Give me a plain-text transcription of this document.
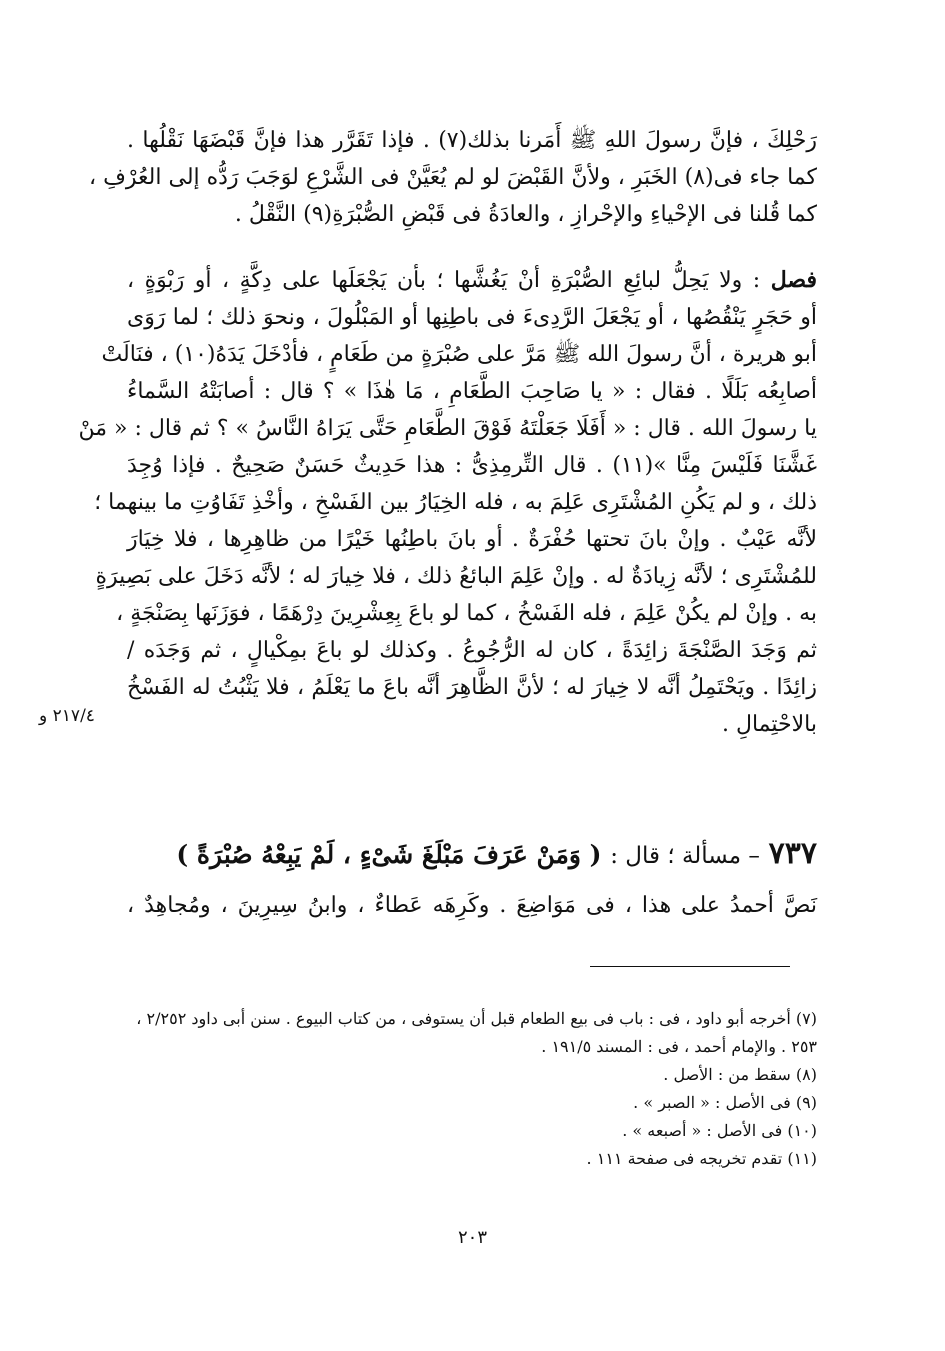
رَحْلِكَ ، فإنَّ رسولَ اللهِ ﷺ أَمَرنا بذلك(٧) . فإذا تَقَرَّر هذا فإنَّ قَبْضَهَا نَقْلُها .
كما جاء فى(٨) الخَبَرِ ، ولأنَّ القَبْضَ لو لم يُعَيَّنْ فى الشَّرْعِ لوَجَبَ رَدُّه إلى العُرْفِ ،
كما قُلنا فى الإحْياءِ والإحْرازِ ، والعادَةُ فى قَبْضِ الصُّبْرَةِ(٩) النَّقْلُ .
فصل : ولا يَحِلُّ لبائِعِ الصُّبْرَةِ أنْ يَغُشَّها ؛ بأن يَجْعَلَها على دِكَّةٍ ، أو رَبْوَةٍ ،
أو حَجَرٍ يَنْقُصُها ، أو يَجْعَلَ الرَّدِىءَ فى باطِنِها أو المَبْلُولَ ، ونحوَ ذلك ؛ لما رَوَى
أبو هريرة ، أنَّ رسولَ الله ﷺ مَرَّ على صُبْرَةٍ من طَعَامٍ ، فأدْخَلَ يَدَهُ(١٠) ، فنَالَتْ
أصابِعُه بَلَلًا . فقال : « يا صَاحِبَ الطَّعَامِ ، مَا هٰذَا » ؟ قال : أصابَتْهُ السَّماءُ
يا رسولَ الله . قال : « أَفَلَا جَعَلْتَهُ فَوْقَ الطَّعَامِ حَتَّى يَرَاهُ النَّاسُ » ؟ ثم قال : « مَنْ
غَشَّنَا فَلَيْسَ مِنَّا »(١١) . قال التِّرمِذِىُّ : هذا حَدِيثٌ حَسَنٌ صَحِيحٌ . فإذا وُجِدَ
ذلك ، و لم يَكُنِ المُشْتَرِى عَلِمَ به ، فله الخِيَارُ بين الفَسْخِ ، وأخْذِ تَفَاوُتِ ما بينهما ؛
لأنَّه عَيْبٌ . وإنْ بانَ تحتها حُفْرَةٌ . أو بانَ باطِنُها خَيْرًا من ظاهِرِها ، فلا خِيَارَ
للمُشْتَرِى ؛ لأنَّه زِيادَةٌ له . وإنْ عَلِمَ البائعُ ذلك ، فلا خِيارَ له ؛ لأنَّه دَخَلَ على بَصِيرَةٍ
به . وإنْ لم يكُنْ عَلِمَ ، فله الفَسْخُ ، كما لو باعَ بِعِشْرِينَ دِرْهَمًا ، فوَزَنَها بِصَنْجَةٍ ،
ثم وَجَدَ الصَّنْجَةَ زائِدَةً ، كان له الرُّجُوعُ . وكذلك لو باعَ بمِكْيالٍ ، ثم وَجَدَه /
زائِدًا . ويَحْتَمِلُ أنَّه لا خِيارَ له ؛ لأنَّ الظَّاهِرَ أنَّه باعَ ما يَعْلَمُ ، فلا يَثْبُتُ له الفَسْخُ
بالاحْتِمالِ .
٢١٧/٤ و
٧٣٧ – مسألة ؛ قال : ( وَمَنْ عَرَفَ مَبْلَغَ شَىْءٍ ، لَمْ يَبِعْهُ صُبْرَةً )
نَصَّ أحمدُ على هذا ، فى مَوَاضِعَ . وكَرِهَه عَطاءٌ ، وابنُ سِيرِينَ ، ومُجاهِدٌ ،
(٧) أخرجه أبو داود ، فى : باب فى بيع الطعام قبل أن يستوفى ، من كتاب البيوع . سنن أبى داود ٢/٢٥٢ ،
٢٥٣ . والإمام أحمد ، فى : المسند ١٩١/٥ .
(٨) سقط من : الأصل .
(٩) فى الأصل : « الصبر » .
(١٠) فى الأصل : « أصبعه » .
(١١) تقدم تخريجه فى صفحة ١١١ .
٢٠٣
